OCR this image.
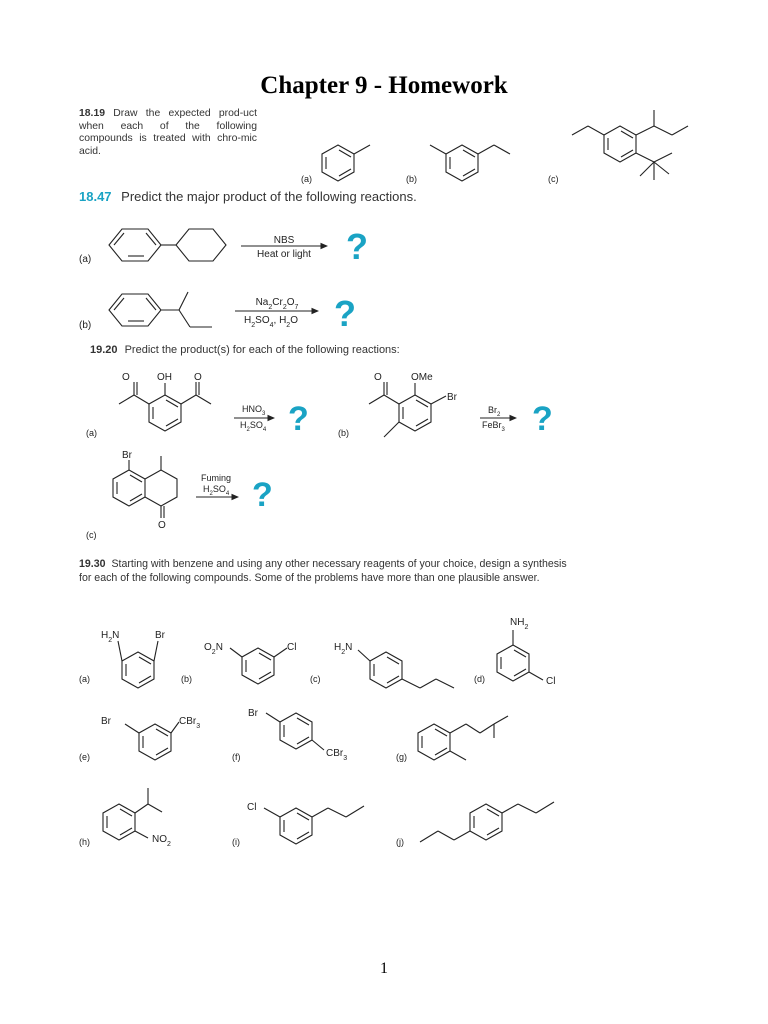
Chapter 9 - Homework
18.19 Draw the expected prod-uct when each of the following compounds is treated with chro-mic acid.
18.47 Predict the major product of the following reactions.
19.20 Predict the product(s) for each of the following reactions:
19.30 Starting with benzene and using any other necessary reagents of your choice, design a synthesis for each of the following compounds. Some of the problems have more than one plausible answer.
1
(a)	(b)	(c)
(a)
NBS
Heat or light ?
(b)
$Na_2Cr_2O_7$
$H_2SO_4$, $H_2O$ ?
OH
O	O
(a)
$HNO_3$
$H_2SO_4$ ?
OMe
O
Br
(b)
$Br_2$
FeBr$_3$ ?
Br
O
(c)
Fuming
$H_2SO_4$ ?
$H_2N$	Br
(a)
$O_2N$	Cl
(b)
$H_2N$
(c)
$NH_2$
Cl
(d)
Br	CBr$_3$
(e)
Br
CBr$_3$
(f)	(g)
$NO_2$
(h)
Cl
(i)	(j)
